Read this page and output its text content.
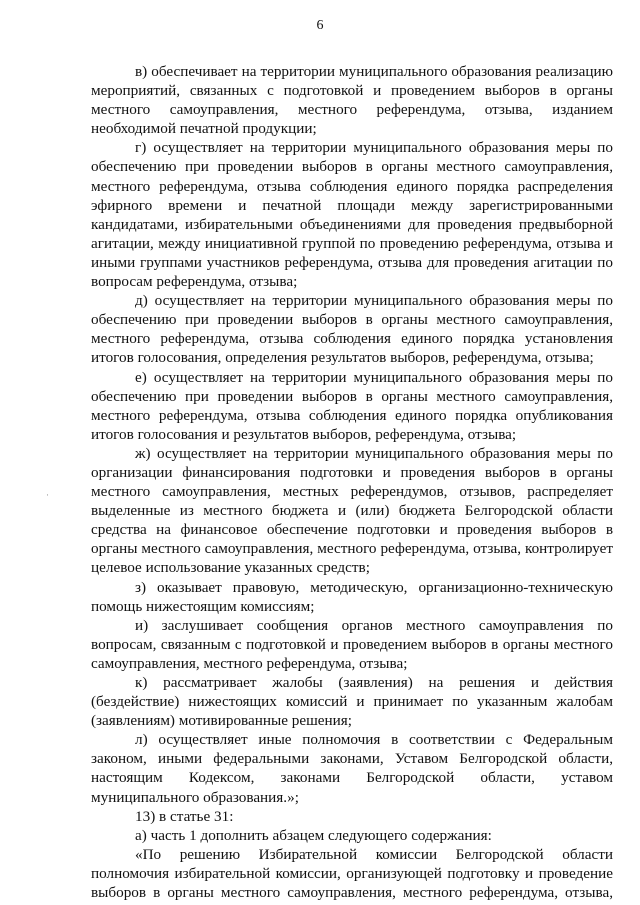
6
·

в) обеспечивает на территории муниципального образования реализацию мероприятий, связанных с подготовкой и проведением выборов в органы местного самоуправления, местного референдума, отзыва, изданием необходимой печатной продукции;

г) осуществляет на территории муниципального образования меры по обеспечению при проведении выборов в органы местного самоуправления, местного референдума, отзыва соблюдения единого порядка распределения эфирного времени и печатной площади между зарегистрированными кандидатами, избирательными объединениями для проведения предвыборной агитации, между инициативной группой по проведению референдума, отзыва и иными группами участников референдума, отзыва для проведения агитации по вопросам референдума, отзыва;

д) осуществляет на территории муниципального образования меры по обеспечению при проведении выборов в органы местного самоуправления, местного референдума, отзыва соблюдения единого порядка установления итогов голосования, определения результатов выборов, референдума, отзыва;

е) осуществляет на территории муниципального образования меры по обеспечению при проведении выборов в органы местного самоуправления, местного референдума, отзыва соблюдения единого порядка опубликования итогов голосования и результатов выборов, референдума, отзыва;

ж) осуществляет на территории муниципального образования меры по организации финансирования подготовки и проведения выборов в органы местного самоуправления, местных референдумов, отзывов, распределяет выделенные из местного бюджета и (или) бюджета Белгородской области средства на финансовое обеспечение подготовки и проведения выборов в органы местного самоуправления, местного референдума, отзыва, контролирует целевое использование указанных средств;

з) оказывает правовую, методическую, организационно-техническую помощь нижестоящим комиссиям;

и) заслушивает сообщения органов местного самоуправления по вопросам, связанным с подготовкой и проведением выборов в органы местного самоуправления, местного референдума, отзыва;

к) рассматривает жалобы (заявления) на решения и действия (бездействие) нижестоящих комиссий и принимает по указанным жалобам (заявлениям) мотивированные решения;

л) осуществляет иные полномочия в соответствии с Федеральным законом, иными федеральными законами, Уставом Белгородской области, настоящим Кодексом, законами Белгородской области, уставом муниципального образования.»;

13) в статье 31:

а) часть 1 дополнить абзацем следующего содержания:

«По решению Избирательной комиссии Белгородской области полномочия избирательной комиссии, организующей подготовку и проведение выборов в органы местного самоуправления, местного референдума, отзыва,
